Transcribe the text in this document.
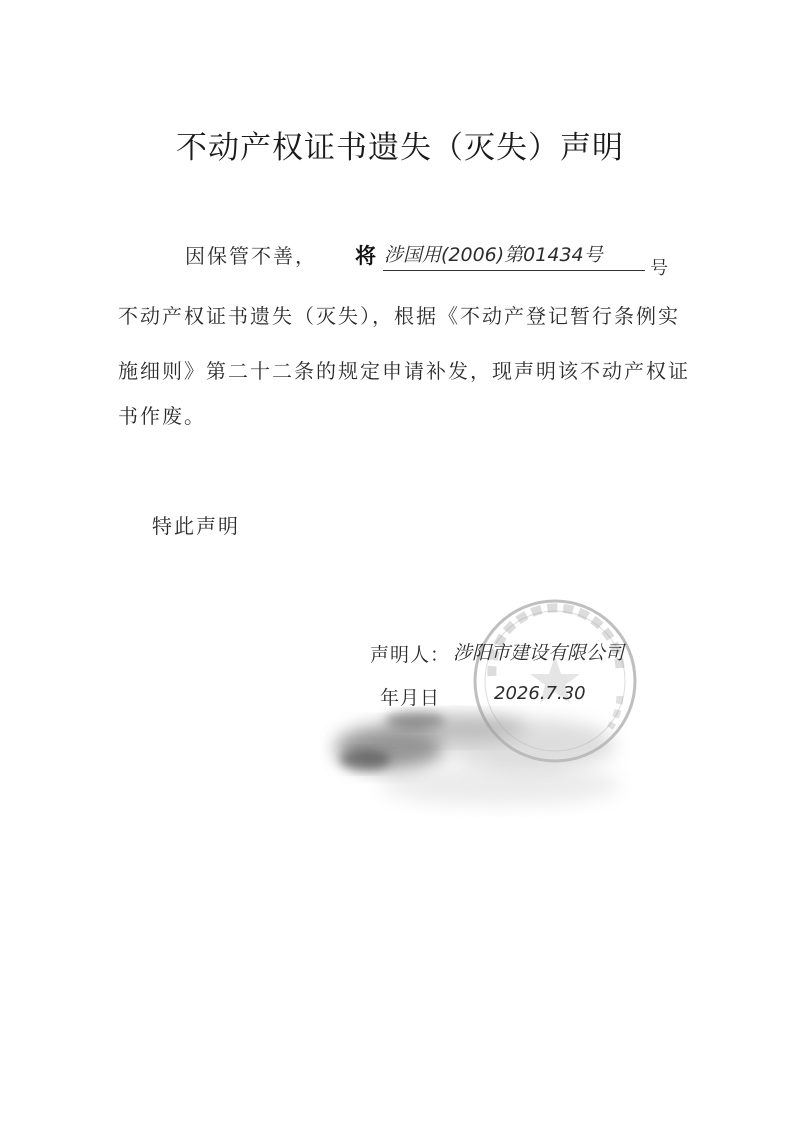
不动产权证书遗失（灭失）声明
因保管不善， 将 涉国用(2006)第01434号
号
不动产权证书遗失（灭失），根据《不动产登记暂行条例实
施细则》第二十二条的规定申请补发，现声明该不动产权证
书作废。
特此声明
声明人： 涉阳市建设有限公司
年月日	2026.7.30
